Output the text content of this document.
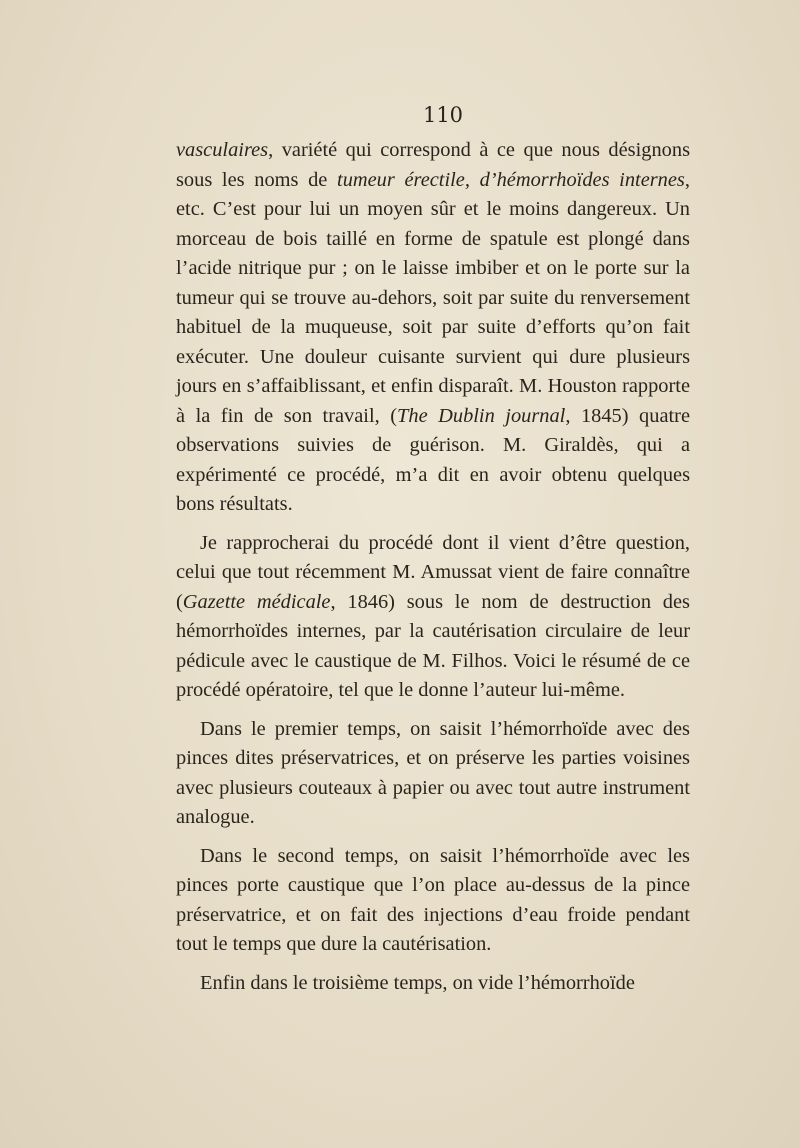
110

vasculaires, variété qui correspond à ce que nous désignons sous les noms de tumeur érectile, d’hémorrhoïdes internes, etc. C’est pour lui un moyen sûr et le moins dangereux. Un morceau de bois taillé en forme de spatule est plongé dans l’acide nitrique pur ; on le laisse imbiber et on le porte sur la tumeur qui se trouve au-dehors, soit par suite du renversement habituel de la muqueuse, soit par suite d’efforts qu’on fait exécuter. Une douleur cuisante survient qui dure plusieurs jours en s’affaiblissant, et enfin disparaît. M. Houston rapporte à la fin de son travail, (The Dublin journal, 1845) quatre observations suivies de guérison. M. Giraldès, qui a expérimenté ce procédé, m’a dit en avoir obtenu quelques bons résultats.

Je rapprocherai du procédé dont il vient d’être question, celui que tout récemment M. Amussat vient de faire connaître (Gazette médicale, 1846) sous le nom de destruction des hémorrhoïdes internes, par la cautérisation circulaire de leur pédicule avec le caustique de M. Filhos. Voici le résumé de ce procédé opératoire, tel que le donne l’auteur lui-même.

Dans le premier temps, on saisit l’hémorrhoïde avec des pinces dites préservatrices, et on préserve les parties voisines avec plusieurs couteaux à papier ou avec tout autre instrument analogue.

Dans le second temps, on saisit l’hémorrhoïde avec les pinces porte caustique que l’on place au-dessus de la pince préservatrice, et on fait des injections d’eau froide pendant tout le temps que dure la cautérisation.

Enfin dans le troisième temps, on vide l’hémorrhoïde
